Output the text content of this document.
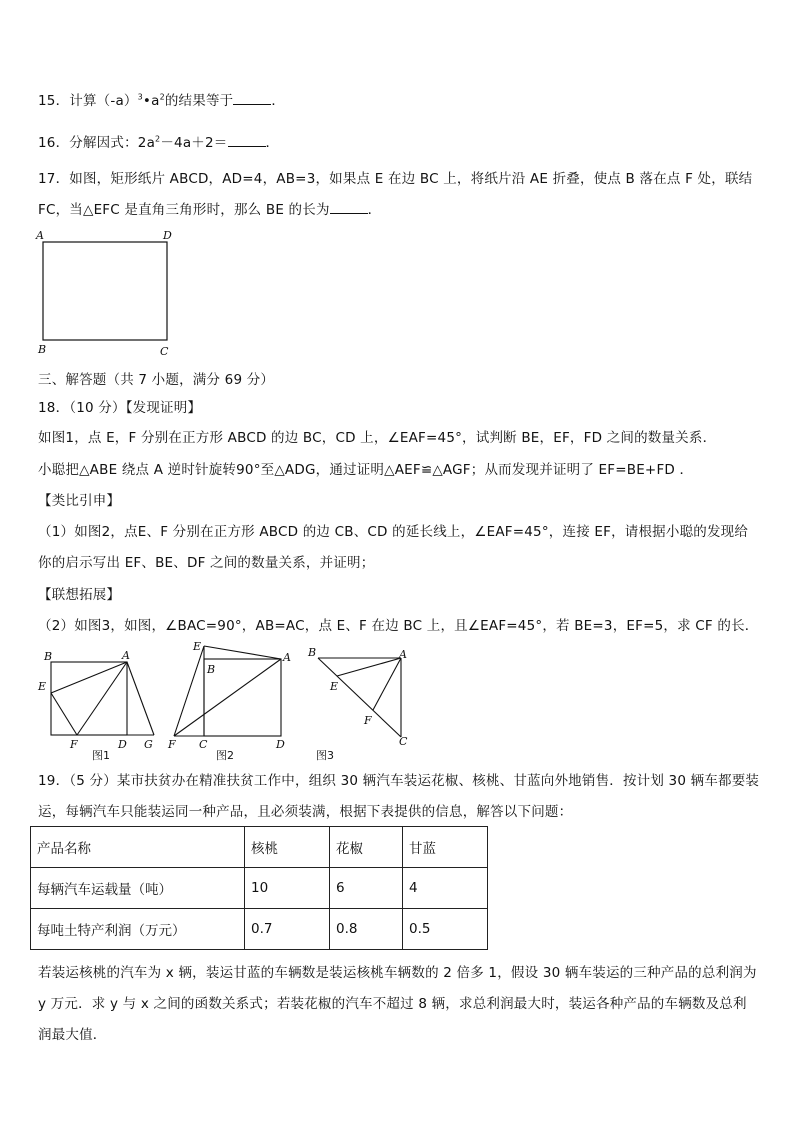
15．计算$(-a)^3•a^2$的结果等于	．
16．分解因式：$2a^2-4a+2=$	．
17．如图，矩形纸片 ABCD，AD=4，AB=3，如果点 E 在边 BC 上，将纸片沿 AE 折叠，使点 B 落在点 F 处，联结
FC，当△EFC 是直角三角形时，那么 BE 的长为	．
A	D
B	C
三、解答题（共 7 小题，满分 69 分）
18．（10 分）【发现证明】
如图1，点 E，F 分别在正方形 ABCD 的边 BC，CD 上，∠EAF=45°，试判断 BE，EF，FD 之间的数量关系．
小聪把△ABE 绕点 A 逆时针旋转90°至△ADG，通过证明△AEF≌△AGF；从而发现并证明了 EF=BE+FD ．
【类比引申】
（1）如图2，点E、F 分别在正方形 ABCD 的边 CB、CD 的延长线上，∠EAF=45°，连接 EF，请根据小聪的发现给
你的启示写出 EF、BE、DF 之间的数量关系，并证明；
【联想拓展】
（2）如图3，如图，∠BAC=90°，AB=AC，点 E、F 在边 BC 上，且∠EAF=45°，若 BE=3，EF=5，求 CF 的长．
B	A
E
F	D G
图1
E
B
A
F C	D
图2
B	A
E
F
C
图3
19．（5 分）某市扶贫办在精准扶贫工作中，组织 30 辆汽车装运花椒、核桃、甘蓝向外地销售．按计划 30 辆车都要装
运，每辆汽车只能装运同一种产品，且必须装满，根据下表提供的信息，解答以下问题：
产品名称	核桃	花椒	甘蓝
每辆汽车运载量（吨）	10	6	4
每吨土特产利润（万元）	0.7	0.8	0.5
若装运核桃的汽车为 x 辆，装运甘蓝的车辆数是装运核桃车辆数的 2 倍多 1，假设 30 辆车装运的三种产品的总利润为
y 万元．求 y 与 x 之间的函数关系式；若装花椒的汽车不超过 8 辆，求总利润最大时，装运各种产品的车辆数及总利
润最大值．
